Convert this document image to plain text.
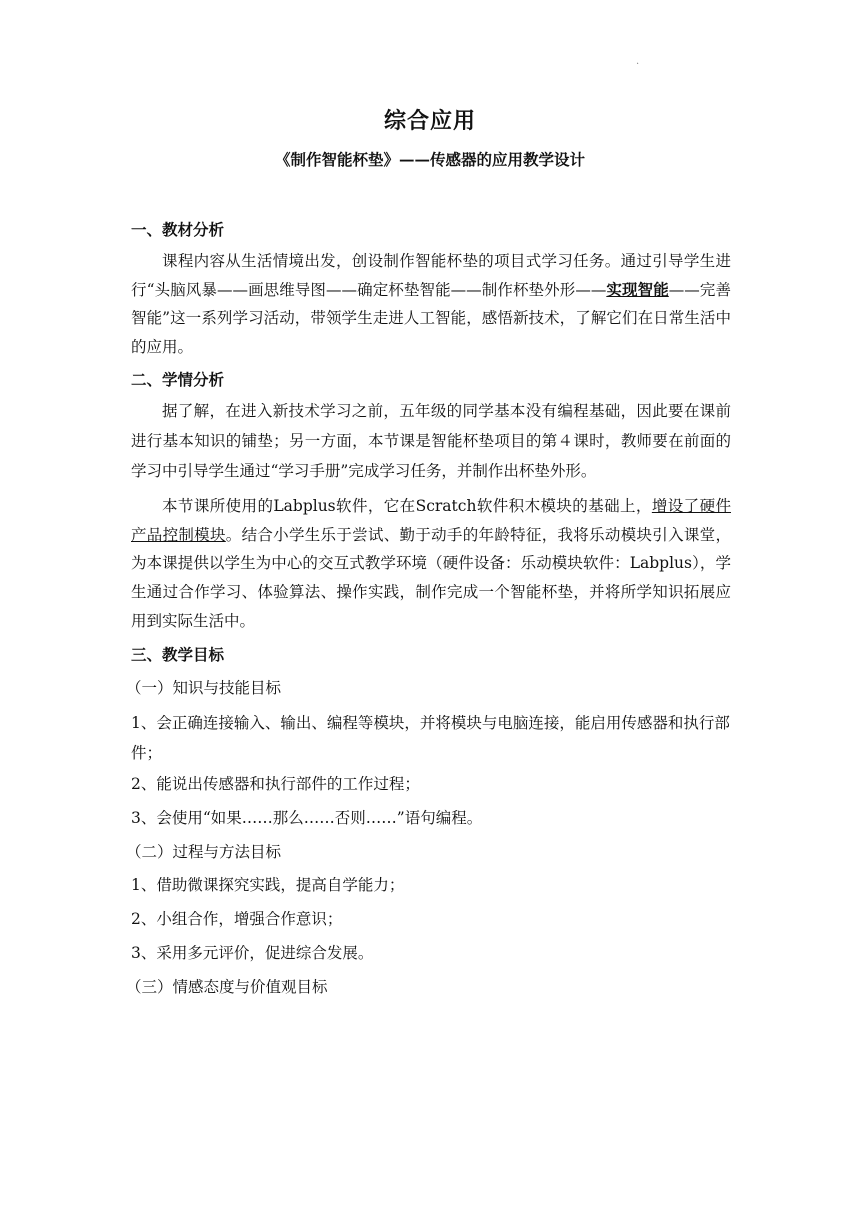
.
综合应用
《制作智能杯垫》——传感器的应用教学设计
一、教材分析

课程内容从生活情境出发，创设制作智能杯垫的项目式学习任务。通过引导学生进行“头脑风暴——画思维导图——确定杯垫智能——制作杯垫外形——实现智能——完善智能”这一系列学习活动，带领学生走进人工智能，感悟新技术，了解它们在日常生活中的应用。

二、学情分析

据了解，在进入新技术学习之前，五年级的同学基本没有编程基础，因此要在课前进行基本知识的铺垫；另一方面，本节课是智能杯垫项目的第４课时，教师要在前面的学习中引导学生通过“学习手册”完成学习任务，并制作出杯垫外形。

本节课所使用的Labplus软件，它在Scratch软件积木模块的基础上，增设了硬件产品控制模块。结合小学生乐于尝试、勤于动手的年龄特征，我将乐动模块引入课堂，为本课提供以学生为中心的交互式教学环境（硬件设备：乐动模块软件：Labplus），学生通过合作学习、体验算法、操作实践，制作完成一个智能杯垫，并将所学知识拓展应用到实际生活中。

三、教学目标
（一）知识与技能目标
1、会正确连接输入、输出、编程等模块，并将模块与电脑连接，能启用传感器和执行部件；
2、能说出传感器和执行部件的工作过程；
3、会使用“如果……那么……否则……”语句编程。
（二）过程与方法目标
1、借助微课探究实践，提高自学能力；
2、小组合作，增强合作意识；
3、采用多元评价，促进综合发展。
（三）情感态度与价值观目标
